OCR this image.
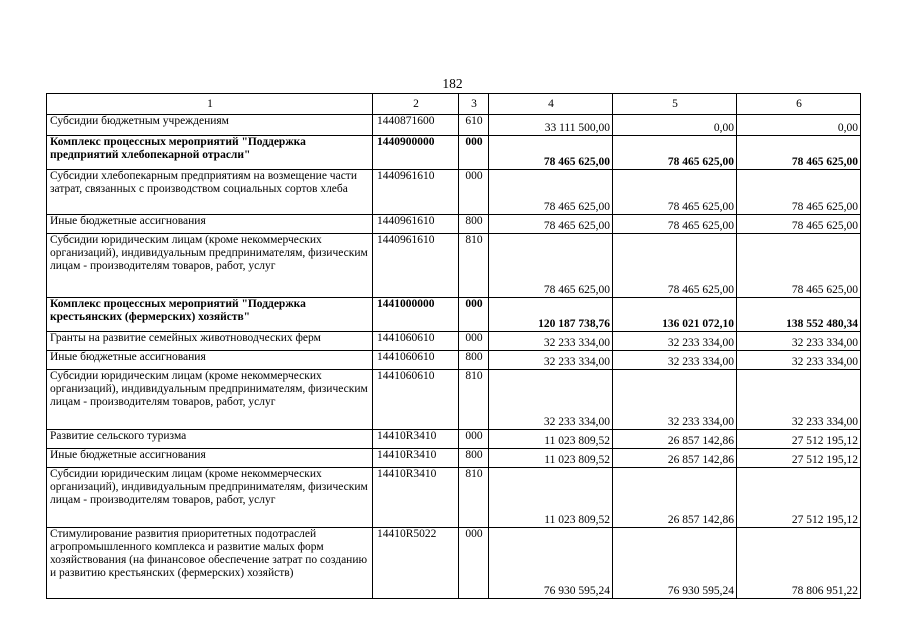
182
1	2	3	4	5	6
Субсидии бюджетным учреждениям	1440871600	610	33 111 500,00	0,00	0,00
Комплекс процессных мероприятий "Поддержка предприятий хлебопекарной отрасли"	1440900000	000	78 465 625,00	78 465 625,00	78 465 625,00
Субсидии хлебопекарным предприятиям на возмещение части затрат, связанных с производством социальных сортов хлеба	1440961610	000	78 465 625,00	78 465 625,00	78 465 625,00
Иные бюджетные ассигнования	1440961610	800	78 465 625,00	78 465 625,00	78 465 625,00
Субсидии юридическим лицам (кроме некоммерческих организаций), индивидуальным предпринимателям, физическим лицам - производителям товаров, работ, услуг	1440961610	810	78 465 625,00	78 465 625,00	78 465 625,00
Комплекс процессных мероприятий "Поддержка крестьянских (фермерских) хозяйств"	1441000000	000	120 187 738,76	136 021 072,10	138 552 480,34
Гранты на развитие семейных животноводческих ферм	1441060610	000	32 233 334,00	32 233 334,00	32 233 334,00
Иные бюджетные ассигнования	1441060610	800	32 233 334,00	32 233 334,00	32 233 334,00
Субсидии юридическим лицам (кроме некоммерческих организаций), индивидуальным предпринимателям, физическим лицам - производителям товаров, работ, услуг	1441060610	810	32 233 334,00	32 233 334,00	32 233 334,00
Развитие сельского туризма	14410R3410	000	11 023 809,52	26 857 142,86	27 512 195,12
Иные бюджетные ассигнования	14410R3410	800	11 023 809,52	26 857 142,86	27 512 195,12
Субсидии юридическим лицам (кроме некоммерческих организаций), индивидуальным предпринимателям, физическим лицам - производителям товаров, работ, услуг	14410R3410	810	11 023 809,52	26 857 142,86	27 512 195,12
Стимулирование развития приоритетных подотраслей агропромышленного комплекса и развитие малых форм хозяйствования (на финансовое обеспечение затрат по созданию и развитию крестьянских (фермерских) хозяйств)	14410R5022	000	76 930 595,24	76 930 595,24	78 806 951,22
